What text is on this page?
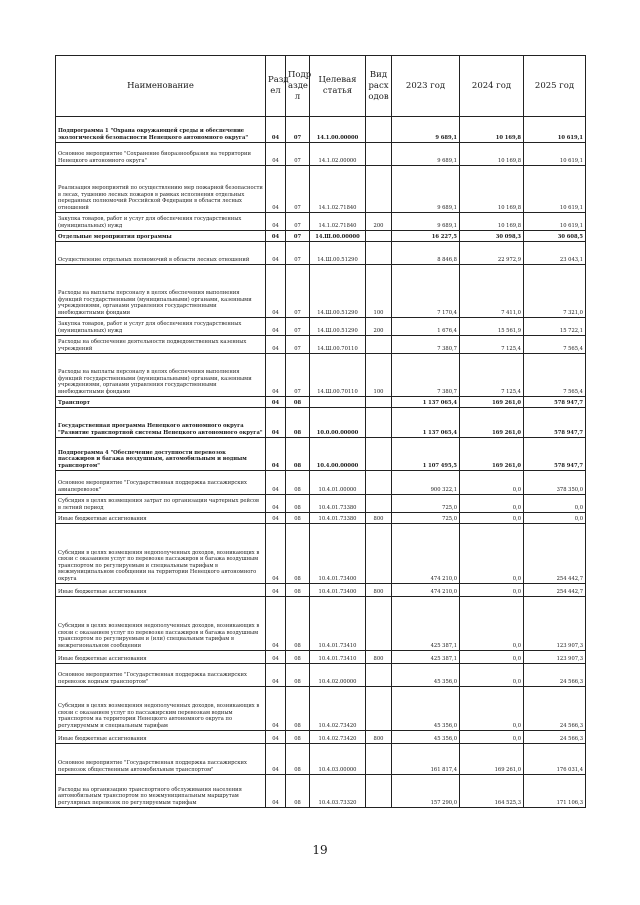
Наименование	Разд ел	Подр азде л	Целевая статья	Вид расх одов	2023 год	2024 год	2025 год
Подпрограмма 1 "Охрана окружающей среды и обеспечение экологической безопасности Ненецкого автономного округа"	04	07	14.1.00.00000		9 689,1	10 169,8	10 619,1
Основное мероприятие "Сохранение биоразнообразия на территории Ненецкого автономного округа"	04	07	14.1.02.00000		9 689,1	10 169,8	10 619,1
Реализация мероприятий по осуществлению мер пожарной безопасности в лесах, тушению лесных пожаров в рамках исполнения отдельных переданных полномочий Российской Федерации в области лесных отношений	04	07	14.1.02.71840		9 689,1	10 169,8	10 619,1
Закупка товаров, работ и услуг для обеспечения государственных (муниципальных) нужд	04	07	14.1.02.71840	200	9 689,1	10 169,8	10 619,1
Отдельные мероприятия программы	04	07	14.Ш.00.00000		16 227,5	30 098,3	30 608,5
Осуществление отдельных полномочий в области лесных отношений	04	07	14.Ш.00.51290		8 846,8	22 972,9	23 043,1
Расходы на выплаты персоналу в целях обеспечения выполнения функций государственными (муниципальными) органами, казенными учреждениями, органами управления государственными внебюджетными фондами	04	07	14.Ш.00.51290	100	7 170,4	7 411,0	7 321,0
Закупка товаров, работ и услуг для обеспечения государственных (муниципальных) нужд	04	07	14.Ш.00.51290	200	1 676,4	15 561,9	15 722,1
Расходы на обеспечение деятельности подведомственных казенных учреждений	04	07	14.Ш.00.70110		7 380,7	7 125,4	7 565,4
Расходы на выплаты персоналу в целях обеспечения выполнения функций государственными (муниципальными) органами, казенными учреждениями, органами управления государственными внебюджетными фондами	04	07	14.Ш.00.70110	100	7 380,7	7 125,4	7 565,4
Транспорт	04	08			1 137 065,4	169 261,0	578 947,7
Государственная программа Ненецкого автономного округа "Развитие транспортной системы Ненецкого автономного округа"	04	08	10.0.00.00000		1 137 065,4	169 261,0	578 947,7
Подпрограмма 4 "Обеспечение доступности перевозок пассажиров и багажа воздушным, автомобильным и водным транспортом"	04	08	10.4.00.00000		1 107 495,5	169 261,0	578 947,7
Основное мероприятие "Государственная поддержка пассажирских авиаперевозок"	04	08	10.4.01.00000		900 322,1	0,0	378 350,0
Субсидия в целях возмещения затрат по организации чартерных рейсов в летний период	04	08	10.4.01.73380		725,0	0,0	0,0
Иные бюджетные ассигнования	04	08	10.4.01.73380	800	725,0	0,0	0,0
Субсидии в целях возмещения недополученных доходов, возникающих в связи с оказанием услуг по перевозке пассажиров и багажа воздушным транспортом по регулируемым и специальным тарифам в межмуниципальном сообщении на территории Ненецкого автономного округа	04	08	10.4.01.73400		474 210,0	0,0	254 442,7
Иные бюджетные ассигнования	04	08	10.4.01.73400	800	474 210,0	0,0	254 442,7
Субсидии в целях возмещения недополученных доходов, возникающих в связи с оказанием услуг по перевозке пассажиров и багажа воздушным транспортом по регулируемым и (или) специальным тарифам в межрегиональном сообщении	04	08	10.4.01.73410		425 387,1	0,0	123 907,3
Иные бюджетные ассигнования	04	08	10.4.01.73410	800	425 387,1	0,0	123 907,3
Основное мероприятие "Государственная поддержка пассажирских перевозок водным транспортом"	04	08	10.4.02.00000		45 356,0	0,0	24 566,3
Субсидии в целях возмещения недополученных доходов, возникающих в связи с оказанием услуг по пассажирским перевозкам водным транспортом на территории Ненецкого автономного округа по регулируемым и специальным тарифам	04	08	10.4.02.73420		45 356,0	0,0	24 566,3
Иные бюджетные ассигнования	04	08	10.4.02.73420	800	45 356,0	0,0	24 566,3
Основное мероприятие "Государственная поддержка пассажирских перевозок общественным автомобильным транспортом"	04	08	10.4.03.00000		161 817,4	169 261,0	176 031,4
Расходы на организацию транспортного обслуживания населения автомобильным транспортом по межмуниципальным маршрутам регулярных перевозок по регулируемым тарифам	04	08	10.4.03.73320		157 290,0	164 525,3	171 106,3
19
